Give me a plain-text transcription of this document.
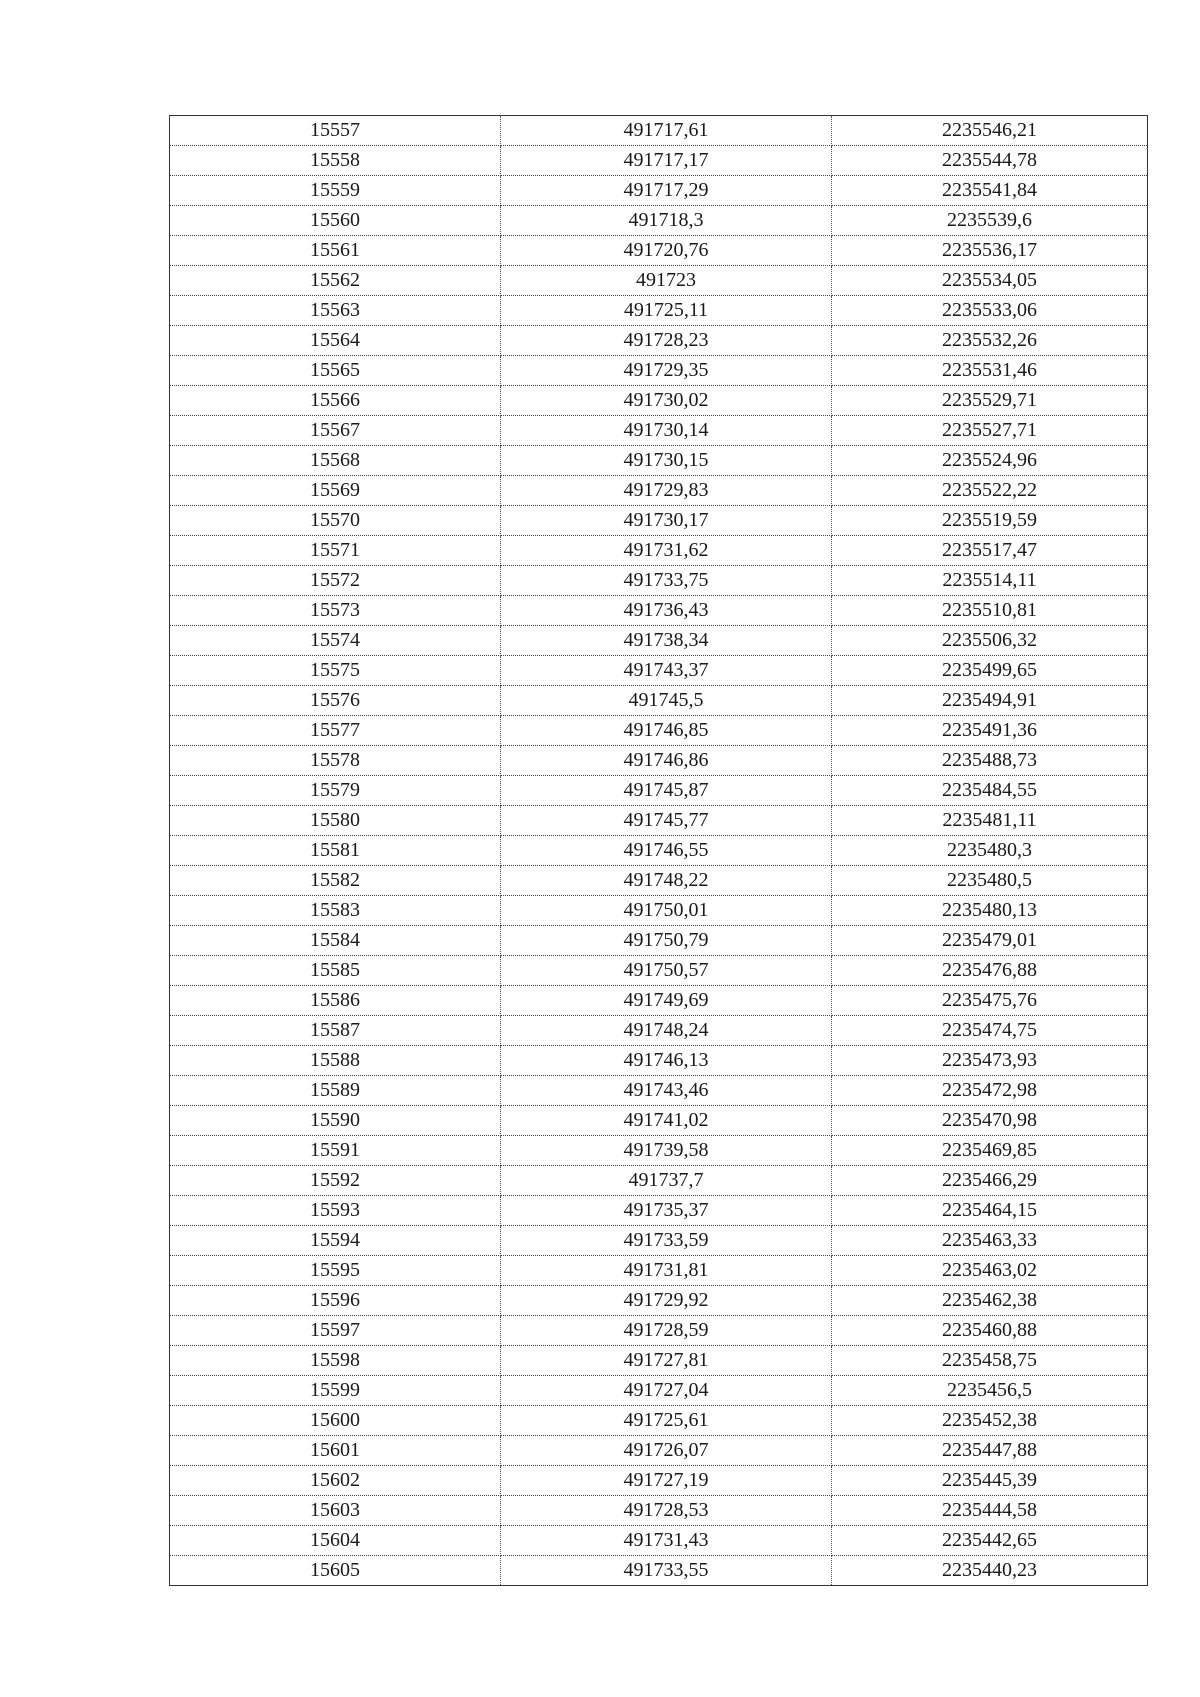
15557	491717,61	2235546,21
15558	491717,17	2235544,78
15559	491717,29	2235541,84
15560	491718,3	2235539,6
15561	491720,76	2235536,17
15562	491723	2235534,05
15563	491725,11	2235533,06
15564	491728,23	2235532,26
15565	491729,35	2235531,46
15566	491730,02	2235529,71
15567	491730,14	2235527,71
15568	491730,15	2235524,96
15569	491729,83	2235522,22
15570	491730,17	2235519,59
15571	491731,62	2235517,47
15572	491733,75	2235514,11
15573	491736,43	2235510,81
15574	491738,34	2235506,32
15575	491743,37	2235499,65
15576	491745,5	2235494,91
15577	491746,85	2235491,36
15578	491746,86	2235488,73
15579	491745,87	2235484,55
15580	491745,77	2235481,11
15581	491746,55	2235480,3
15582	491748,22	2235480,5
15583	491750,01	2235480,13
15584	491750,79	2235479,01
15585	491750,57	2235476,88
15586	491749,69	2235475,76
15587	491748,24	2235474,75
15588	491746,13	2235473,93
15589	491743,46	2235472,98
15590	491741,02	2235470,98
15591	491739,58	2235469,85
15592	491737,7	2235466,29
15593	491735,37	2235464,15
15594	491733,59	2235463,33
15595	491731,81	2235463,02
15596	491729,92	2235462,38
15597	491728,59	2235460,88
15598	491727,81	2235458,75
15599	491727,04	2235456,5
15600	491725,61	2235452,38
15601	491726,07	2235447,88
15602	491727,19	2235445,39
15603	491728,53	2235444,58
15604	491731,43	2235442,65
15605	491733,55	2235440,23
